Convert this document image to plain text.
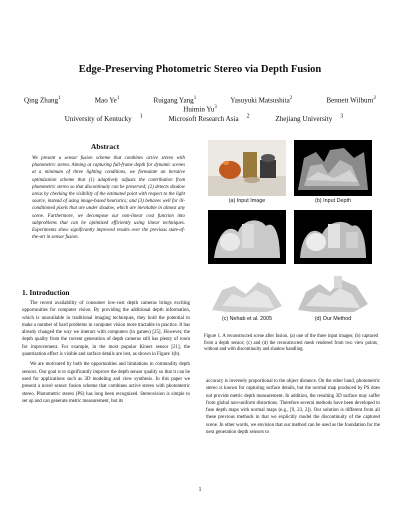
Edge-Preserving Photometric Stereo via Depth Fusion
Qing Zhang$^1$	Mao Ye$^1$	Ruigang Yang$^1$	Yasuyuki Matsushita$^2$	Bennett Wilburn$^2$
University of Kentucky $^1$	Microsoft Research Asia $^2$	Zhejiang University $^3$
Huimin Yu$^3$
Abstract
We present a sensor fusion scheme that combines active stereo with photometric stereo. Aiming at capturing full-frame depth for dynamic scenes at a minimum of three lighting conditions, we formulate an iterative optimization scheme that (1) adaptively adjusts the contribution from photometric stereo so that discontinuity can be preserved; (2) detects shadow areas by checking the visibility of the estimated point with respect to the light source, instead of using image-based heuristics; and (3) behaves well for ill-conditioned pixels that are under shadow, which are inevitable in almost any scene. Furthermore, we decompose our non-linear cost function into subproblems that can be optimized efficiently using linear techniques. Experiments show significantly improved results over the previous state-of-the-art in sensor fusion.
1. Introduction

The recent availability of consumer low-cost depth cameras brings exciting opportunities for computer vision. By providing the additional depth information, which is unavailable in traditional imaging techniques, they hold the potential to make a number of hard problems in computer vision more tractable in practice. It has already changed the way we interact with computers (in games) [25]. However, the depth quality from the current generation of depth cameras still has plenty of room for improvement. For example, in the most popular Kinect sensor [21], the quantization effect is visible and surface details are lost, as shown in Figure 1(b).

We are motivated by both the opportunities and limitations in commodity depth sensors. Our goal is to significantly improve the depth sensor quality so that it can be used for applications such as 3D modeling and view synthesis. In this paper we present a novel sensor fusion scheme that combines active stereo with photometric stereo. Photometric stereo (PS) has long been recognized. Stereovision is simple to set up and can generate metric measurement, but its

(a) Input Image	(b) Input Depth
(c) Nehab et al. 2005	(d) Our Method
Figure 1. A reconstructed scene after fusion. (a) one of the three input images; (b) captured from a depth sensor; (c) and (d) the reconstructed mesh rendered from two view points, without and with discontinuity and shadow handling.
accuracy is inversely proportional to the object distance. On the other hand, photometric stereo is known for capturing surface details, but the normal map produced by PS does not provide metric depth measurement. In addition, the resulting 3D surface may suffer from global non-uniform distortions. Therefore several methods have been developed to fuse depth maps with normal maps (e.g., [9, 23, 2]). Our solution is different from all these previous methods in that we explicitly model the discontinuity of the captured scene. In other words, we envision that our method can be used as the foundation for the next generation depth sensors to
1
